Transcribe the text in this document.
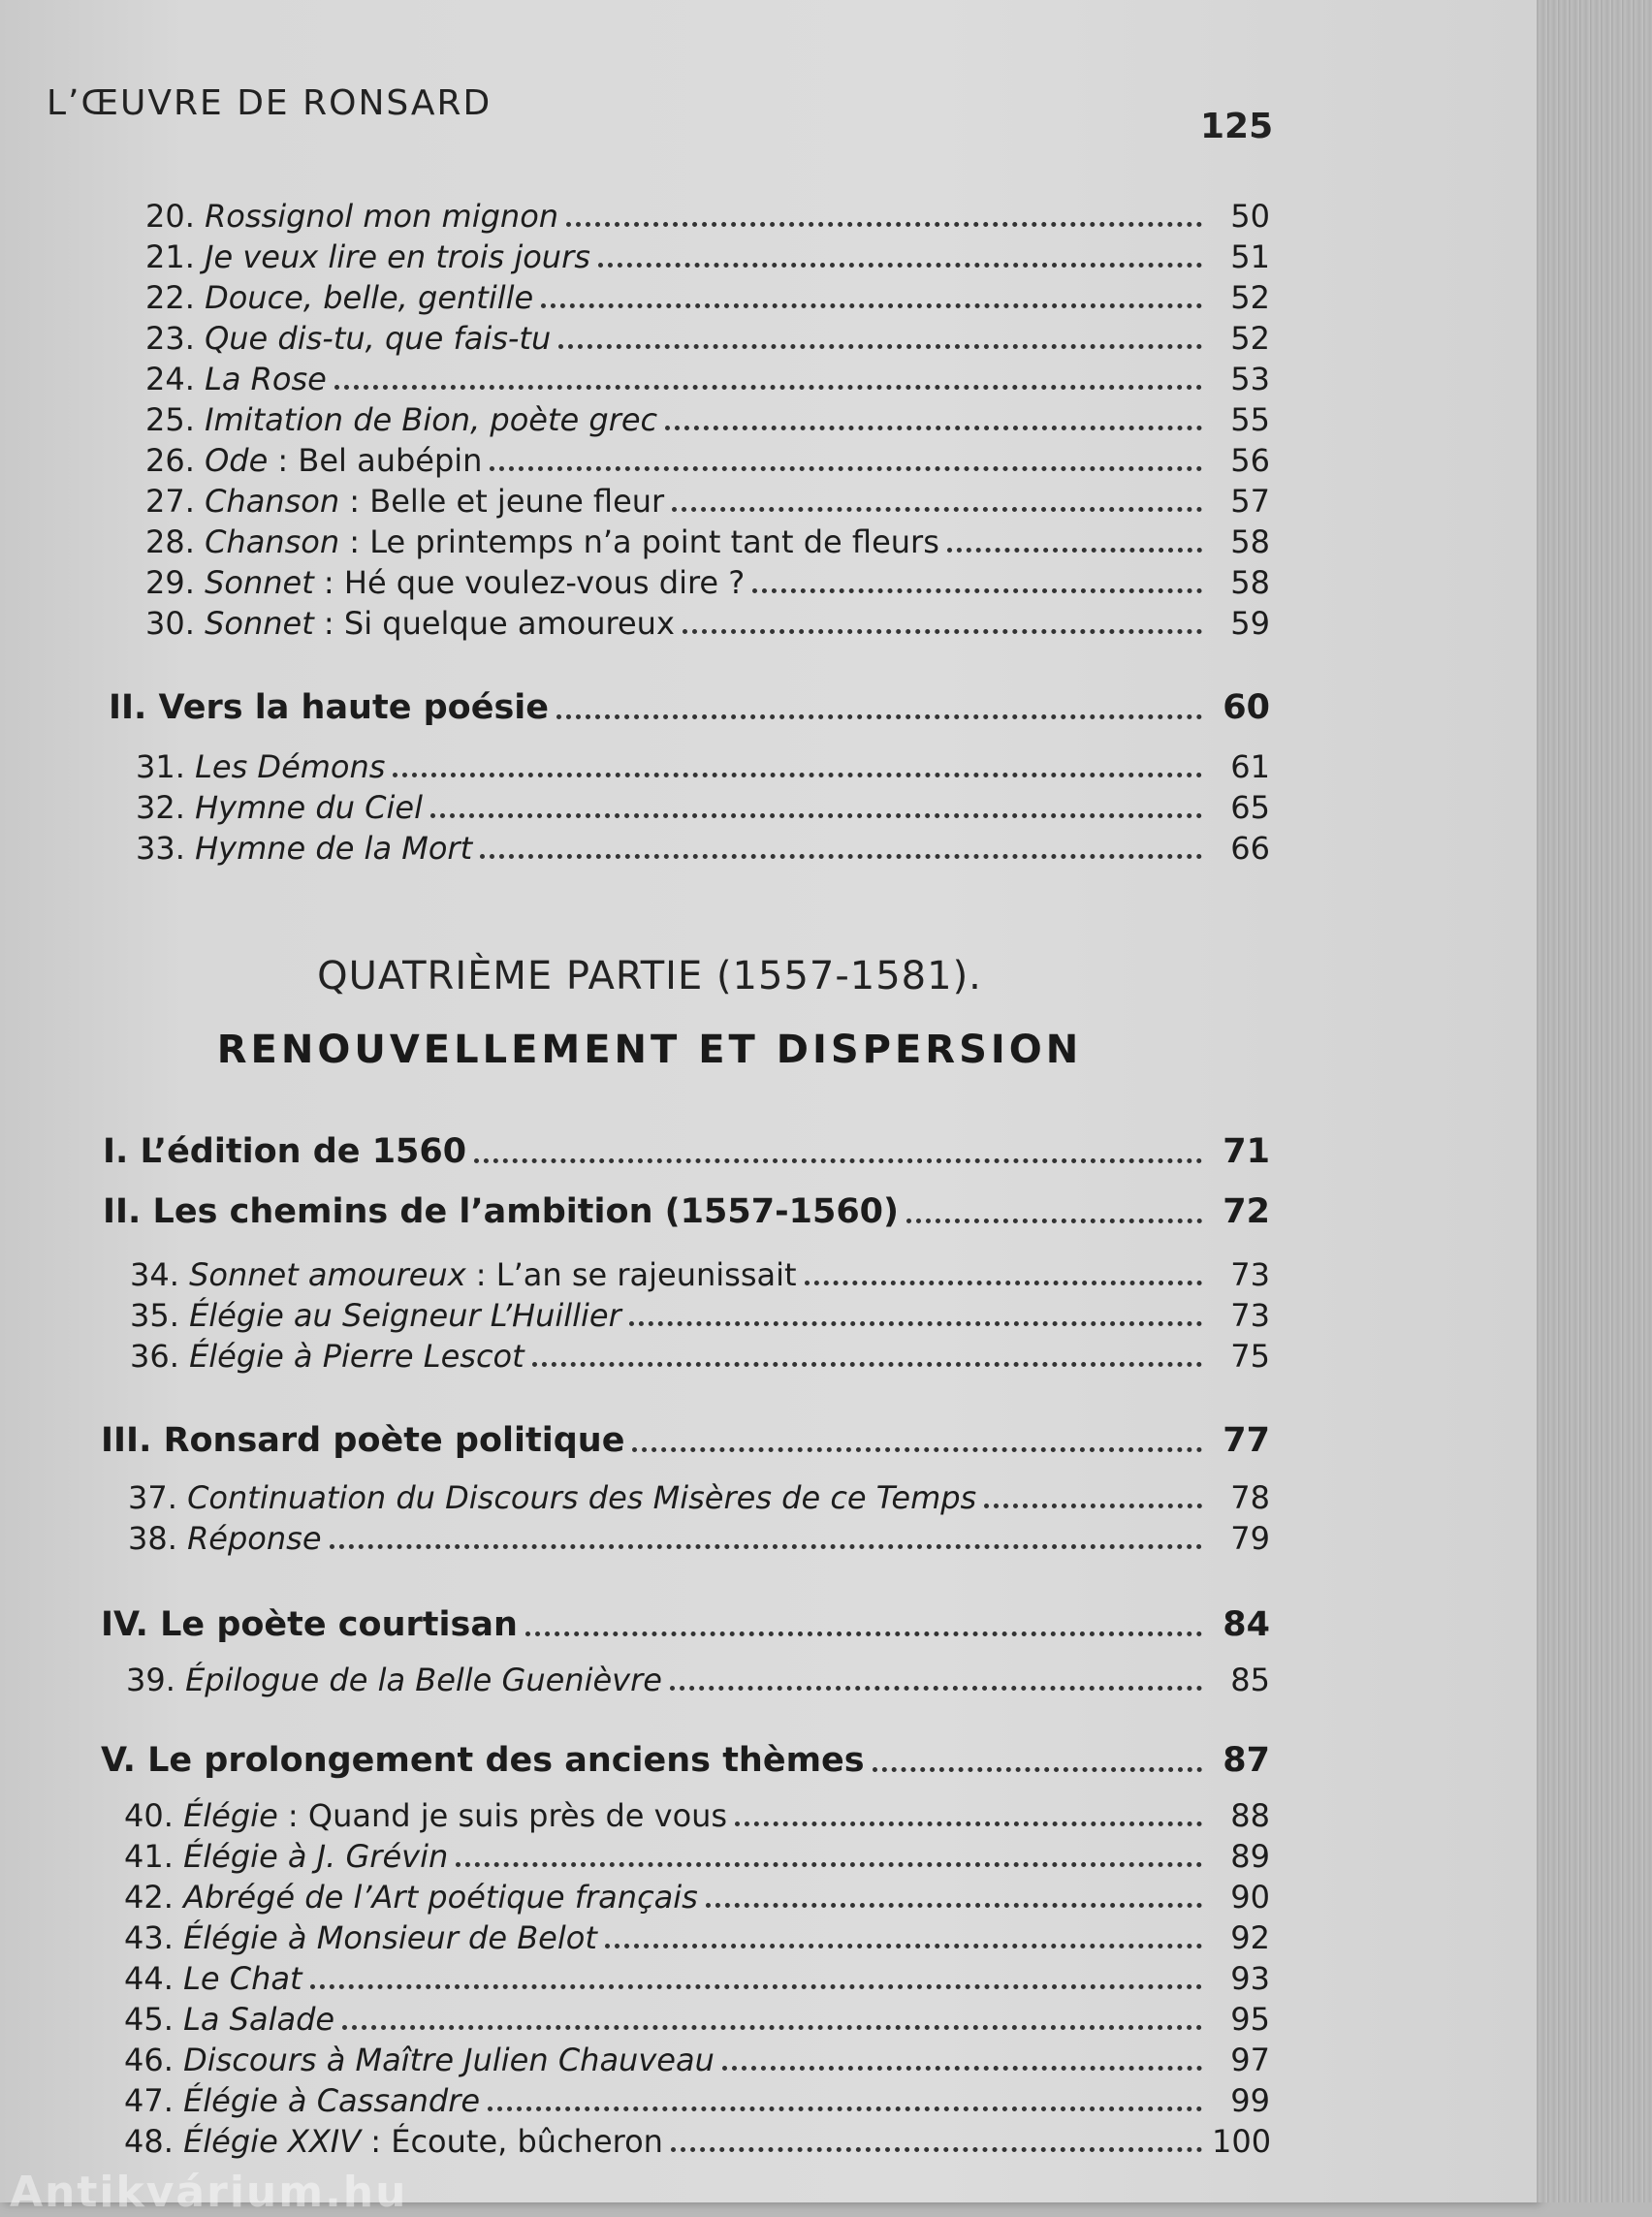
L’ŒUVRE DE RONSARD
125
QUATRIÈME PARTIE (1557-1581).
RENOUVELLEMENT ET DISPERSION
20. Rossignol mon mignon	50
21. Je veux lire en trois jours	51
22. Douce, belle, gentille	52
23. Que dis-tu, que fais-tu	52
24. La Rose	53
25. Imitation de Bion, poète grec	55
26. Ode : Bel aubépin	56
27. Chanson : Belle et jeune fleur	57
28. Chanson : Le printemps n’a point tant de fleurs	58
29. Sonnet : Hé que voulez-vous dire ?	58
30. Sonnet : Si quelque amoureux	59
II. Vers la haute poésie	60
31. Les Démons	61
32. Hymne du Ciel	65
33. Hymne de la Mort	66
I. L’édition de 1560	71
II. Les chemins de l’ambition (1557-1560)	72
34. Sonnet amoureux : L’an se rajeunissait	73
35. Élégie au Seigneur L’Huillier	73
36. Élégie à Pierre Lescot	75
III. Ronsard poète politique	77
37. Continuation du Discours des Misères de ce Temps	78
38. Réponse	79
IV. Le poète courtisan	84
39. Épilogue de la Belle Guenièvre	85
V. Le prolongement des anciens thèmes	87
40. Élégie : Quand je suis près de vous	88
41. Élégie à J. Grévin	89
42. Abrégé de l’Art poétique français	90
43. Élégie à Monsieur de Belot	92
44. Le Chat	93
45. La Salade	95
46. Discours à Maître Julien Chauveau	97
47. Élégie à Cassandre	99
48. Élégie XXIV : Écoute, bûcheron	100
Antikvárium.hu
